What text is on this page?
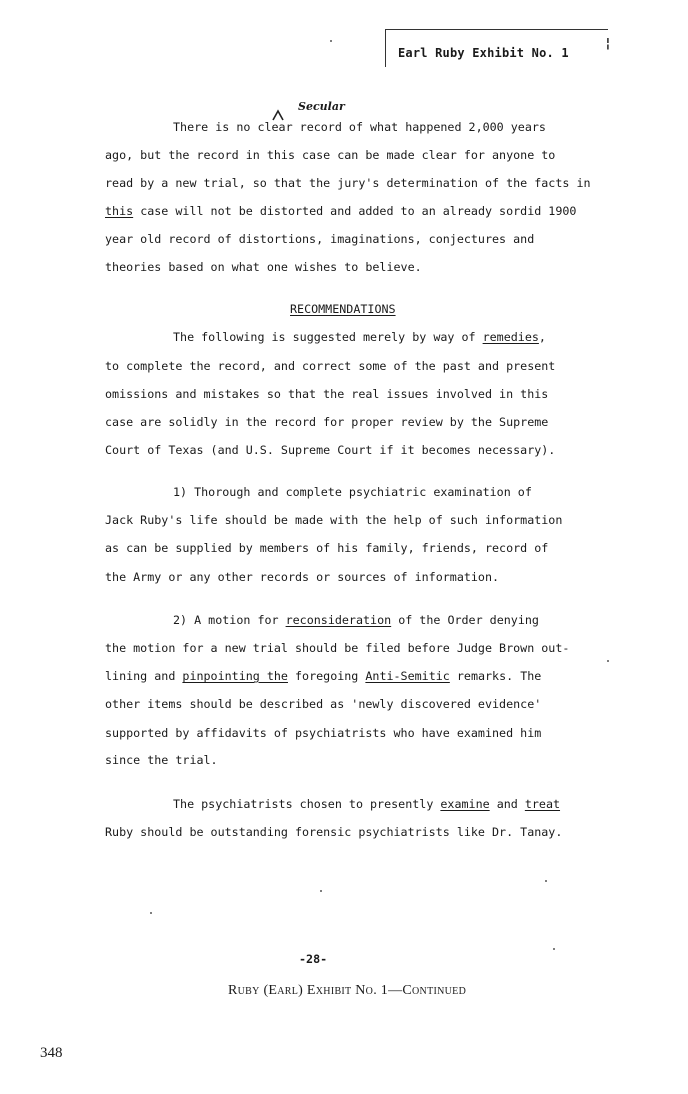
Earl Ruby Exhibit No. 1
¦
Secular
There is no clear record of what happened 2,000 years
ago, but the record in this case can be made clear for anyone to
read by a new trial, so that the jury's determination of the facts in
this case will not be distorted and added to an already sordid 1900
year old record of distortions, imaginations, conjectures and
theories based on what one wishes to believe.
RECOMMENDATIONS
The following is suggested merely by way of remedies,
to complete the record, and correct some of the past and present
omissions and mistakes so that the real issues involved in this
case are solidly in the record for proper review by the Supreme
Court of Texas (and U.S. Supreme Court if it becomes necessary).
1) Thorough and complete psychiatric examination of
Jack Ruby's life should be made with the help of such information
as can be supplied by members of his family, friends, record of
the Army or any other records or sources of information.
2) A motion for reconsideration of the Order denying
the motion for a new trial should be filed before Judge Brown out-
lining and pinpointing the foregoing Anti-Semitic remarks. The
other items should be described as 'newly discovered evidence'
supported by affidavits of psychiatrists who have examined him
since the trial.
The psychiatrists chosen to presently examine and treat
Ruby should be outstanding forensic psychiatrists like Dr. Tanay.
-28-
Ruby (Earl) Exhibit No. 1—Continued
348
